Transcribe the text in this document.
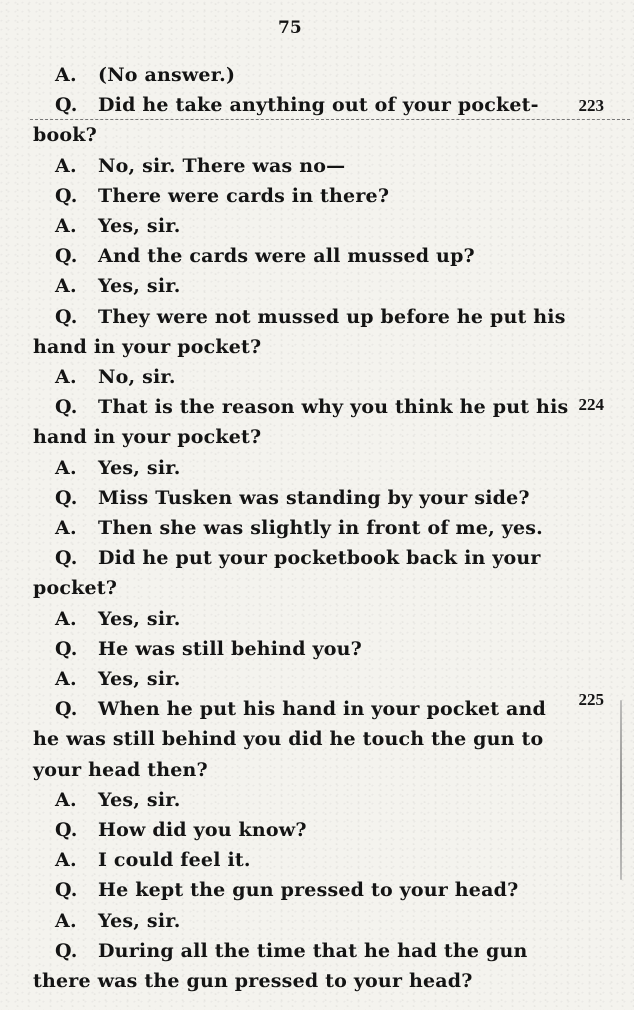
75
223
224
225
A. (No answer.)
Q. Did he take anything out of your pocket-
book?
A. No, sir. There was no—
Q. There were cards in there?
A. Yes, sir.
Q. And the cards were all mussed up?
A. Yes, sir.
Q. They were not mussed up before he put his
hand in your pocket?
A. No, sir.
Q. That is the reason why you think he put his
hand in your pocket?
A. Yes, sir.
Q. Miss Tusken was standing by your side?
A. Then she was slightly in front of me, yes.
Q. Did he put your pocketbook back in your
pocket?
A. Yes, sir.
Q. He was still behind you?
A. Yes, sir.
Q. When he put his hand in your pocket and
he was still behind you did he touch the gun to
your head then?
A. Yes, sir.
Q. How did you know?
A. I could feel it.
Q. He kept the gun pressed to your head?
A. Yes, sir.
Q. During all the time that he had the gun
there was the gun pressed to your head?
